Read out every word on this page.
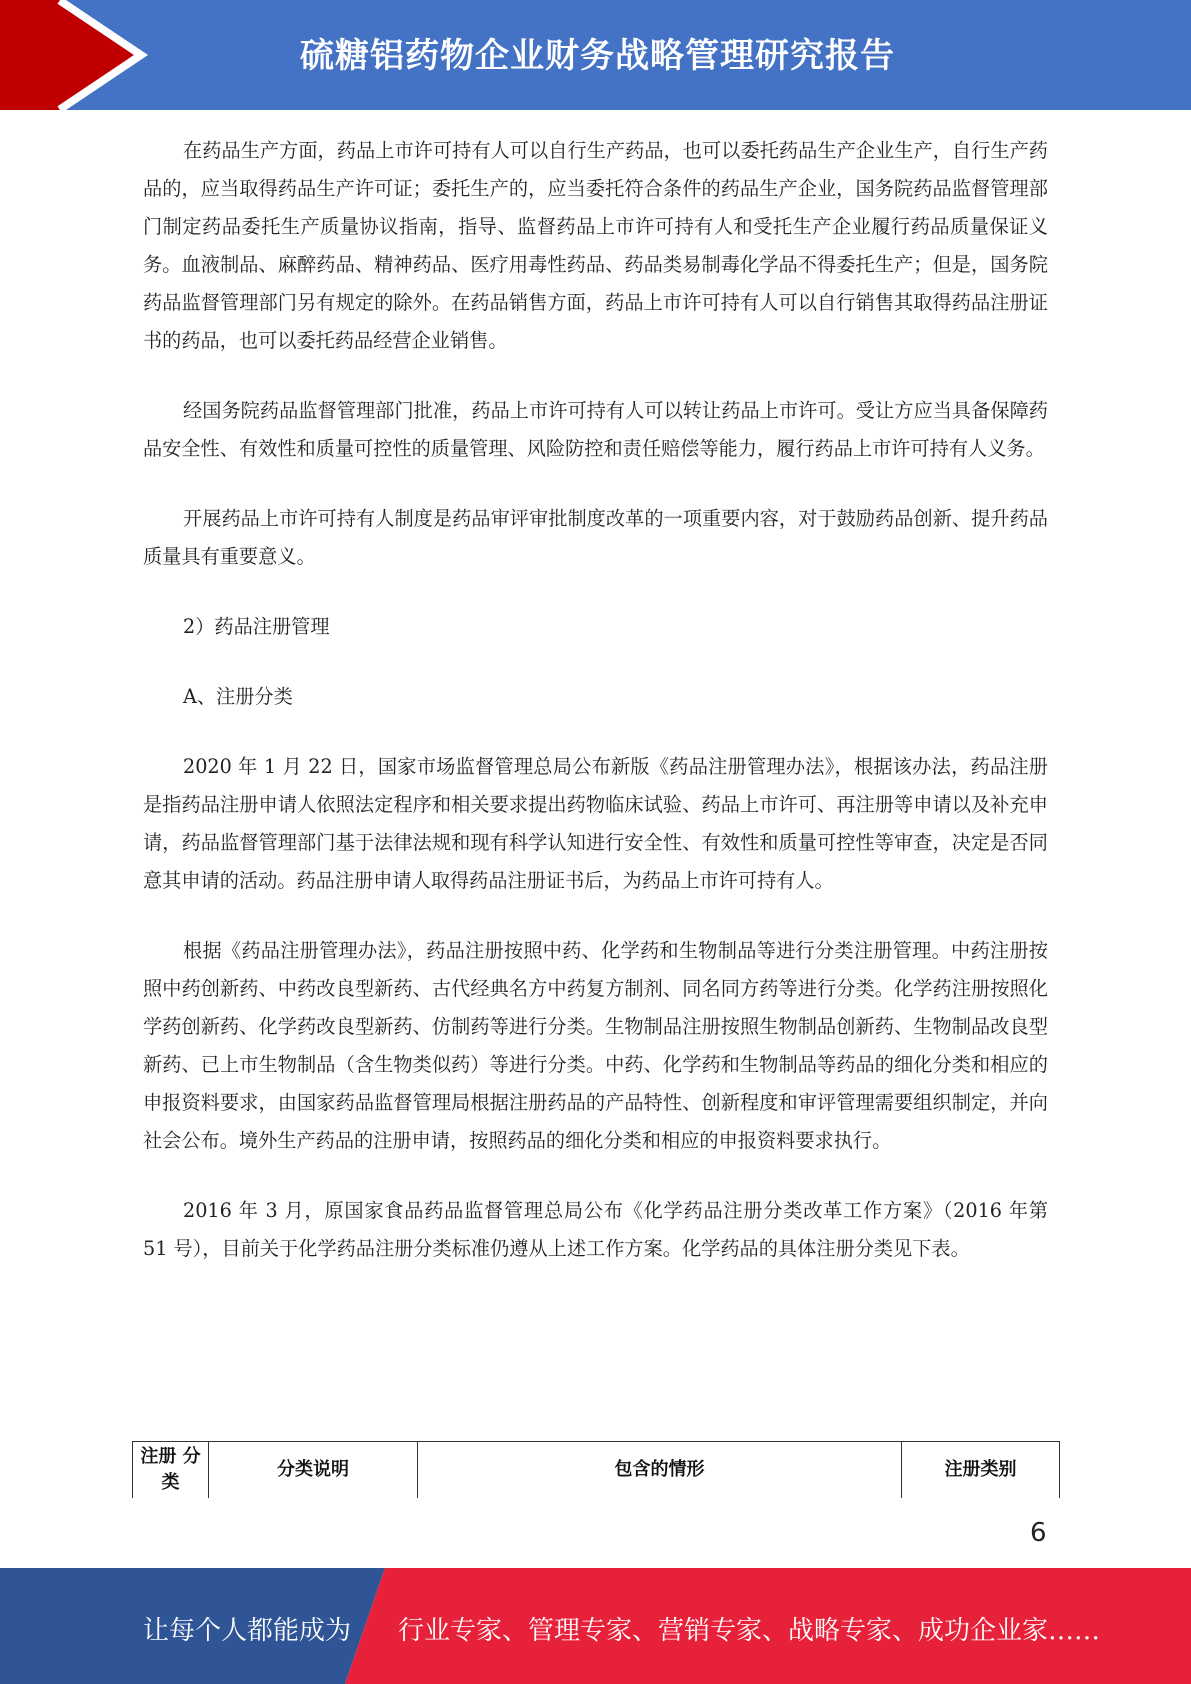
硫糖铝药物企业财务战略管理研究报告

在药品生产方面，药品上市许可持有人可以自行生产药品，也可以委托药品生产企业生产，自行生产药品的，应当取得药品生产许可证；委托生产的，应当委托符合条件的药品生产企业，国务院药品监督管理部门制定药品委托生产质量协议指南，指导、监督药品上市许可持有人和受托生产企业履行药品质量保证义务。血液制品、麻醉药品、精神药品、医疗用毒性药品、药品类易制毒化学品不得委托生产；但是，国务院药品监督管理部门另有规定的除外。在药品销售方面，药品上市许可持有人可以自行销售其取得药品注册证书的药品，也可以委托药品经营企业销售。

经国务院药品监督管理部门批准，药品上市许可持有人可以转让药品上市许可。受让方应当具备保障药品安全性、有效性和质量可控性的质量管理、风险防控和责任赔偿等能力，履行药品上市许可持有人义务。

开展药品上市许可持有人制度是药品审评审批制度改革的一项重要内容，对于鼓励药品创新、提升药品质量具有重要意义。

2）药品注册管理

A、注册分类

2020 年 1 月 22 日，国家市场监督管理总局公布新版《药品注册管理办法》，根据该办法，药品注册是指药品注册申请人依照法定程序和相关要求提出药物临床试验、药品上市许可、再注册等申请以及补充申请，药品监督管理部门基于法律法规和现有科学认知进行安全性、有效性和质量可控性等审查，决定是否同意其申请的活动。药品注册申请人取得药品注册证书后，为药品上市许可持有人。

根据《药品注册管理办法》，药品注册按照中药、化学药和生物制品等进行分类注册管理。中药注册按照中药创新药、中药改良型新药、古代经典名方中药复方制剂、同名同方药等进行分类。化学药注册按照化学药创新药、化学药改良型新药、仿制药等进行分类。生物制品注册按照生物制品创新药、生物制品改良型新药、已上市生物制品（含生物类似药）等进行分类。中药、化学药和生物制品等药品的细化分类和相应的申报资料要求，由国家药品监督管理局根据注册药品的产品特性、创新程度和审评管理需要组织制定，并向社会公布。境外生产药品的注册申请，按照药品的细化分类和相应的申报资料要求执行。

2016 年 3 月，原国家食品药品监督管理总局公布《化学药品注册分类改革工作方案》（2016 年第 51 号），目前关于化学药品注册分类标准仍遵从上述工作方案。化学药品的具体注册分类见下表。

注册 分类	分类说明	包含的情形	注册类别
6
让每个人都能成为 行业专家、管理专家、营销专家、战略专家、成功企业家……
